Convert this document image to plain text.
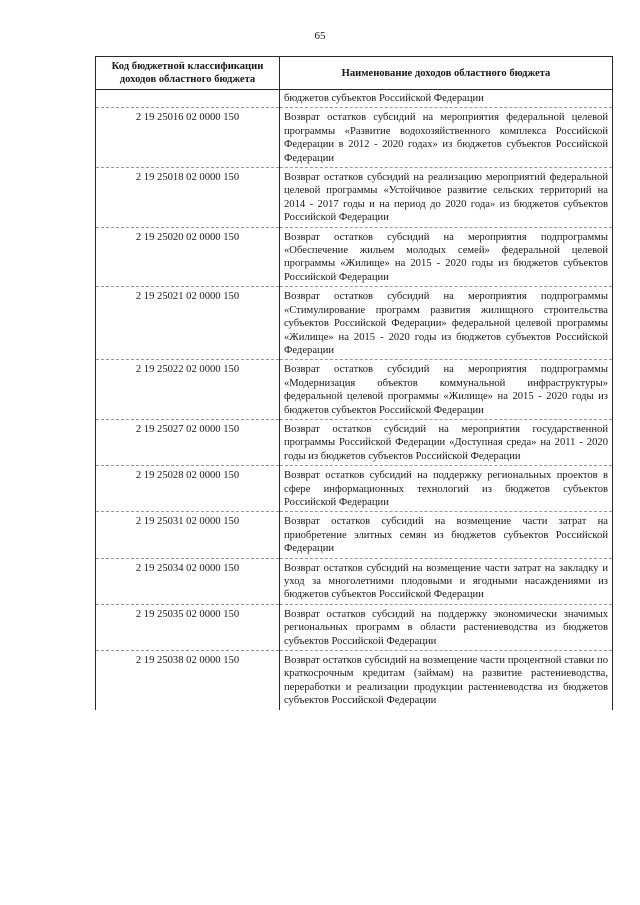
65
Код бюджетной классификации доходов областного бюджета	Наименование доходов областного бюджета
	бюджетов субъектов Российской Федерации
2 19 25016 02 0000 150	Возврат остатков субсидий на мероприятия федеральной целевой программы «Развитие водохозяйственного комплекса Российской Федерации в 2012 - 2020 годах» из бюджетов субъектов Российской Федерации
2 19 25018 02 0000 150	Возврат остатков субсидий на реализацию мероприятий федеральной целевой программы «Устойчивое развитие сельских территорий на 2014 - 2017 годы и на период до 2020 года» из бюджетов субъектов Российской Федерации
2 19 25020 02 0000 150	Возврат остатков субсидий на мероприятия подпрограммы «Обеспечение жильем молодых семей» федеральной целевой программы «Жилище» на 2015 - 2020 годы из бюджетов субъектов Российской Федерации
2 19 25021 02 0000 150	Возврат остатков субсидий на мероприятия подпрограммы «Стимулирование программ развития жилищного строительства субъектов Российской Федерации» федеральной целевой программы «Жилище» на 2015 - 2020 годы из бюджетов субъектов Российской Федерации
2 19 25022 02 0000 150	Возврат остатков субсидий на мероприятия подпрограммы «Модернизация объектов коммунальной инфраструктуры» федеральной целевой программы «Жилище» на 2015 - 2020 годы из бюджетов субъектов Российской Федерации
2 19 25027 02 0000 150	Возврат остатков субсидий на мероприятия государственной программы Российской Федерации «Доступная среда» на 2011 - 2020 годы из бюджетов субъектов Российской Федерации
2 19 25028 02 0000 150	Возврат остатков субсидий на поддержку региональных проектов в сфере информационных технологий из бюджетов субъектов Российской Федерации
2 19 25031 02 0000 150	Возврат остатков субсидий на возмещение части затрат на приобретение элитных семян из бюджетов субъектов Российской Федерации
2 19 25034 02 0000 150	Возврат остатков субсидий на возмещение части затрат на закладку и уход за многолетними плодовыми и ягодными насаждениями из бюджетов субъектов Российской Федерации
2 19 25035 02 0000 150	Возврат остатков субсидий на поддержку экономически значимых региональных программ в области растениеводства из бюджетов субъектов Российской Федерации
2 19 25038 02 0000 150	Возврат остатков субсидий на возмещение части процентной ставки по краткосрочным кредитам (займам) на развитие растениеводства, переработки и реализации продукции растениеводства из бюджетов субъектов Российской Федерации
